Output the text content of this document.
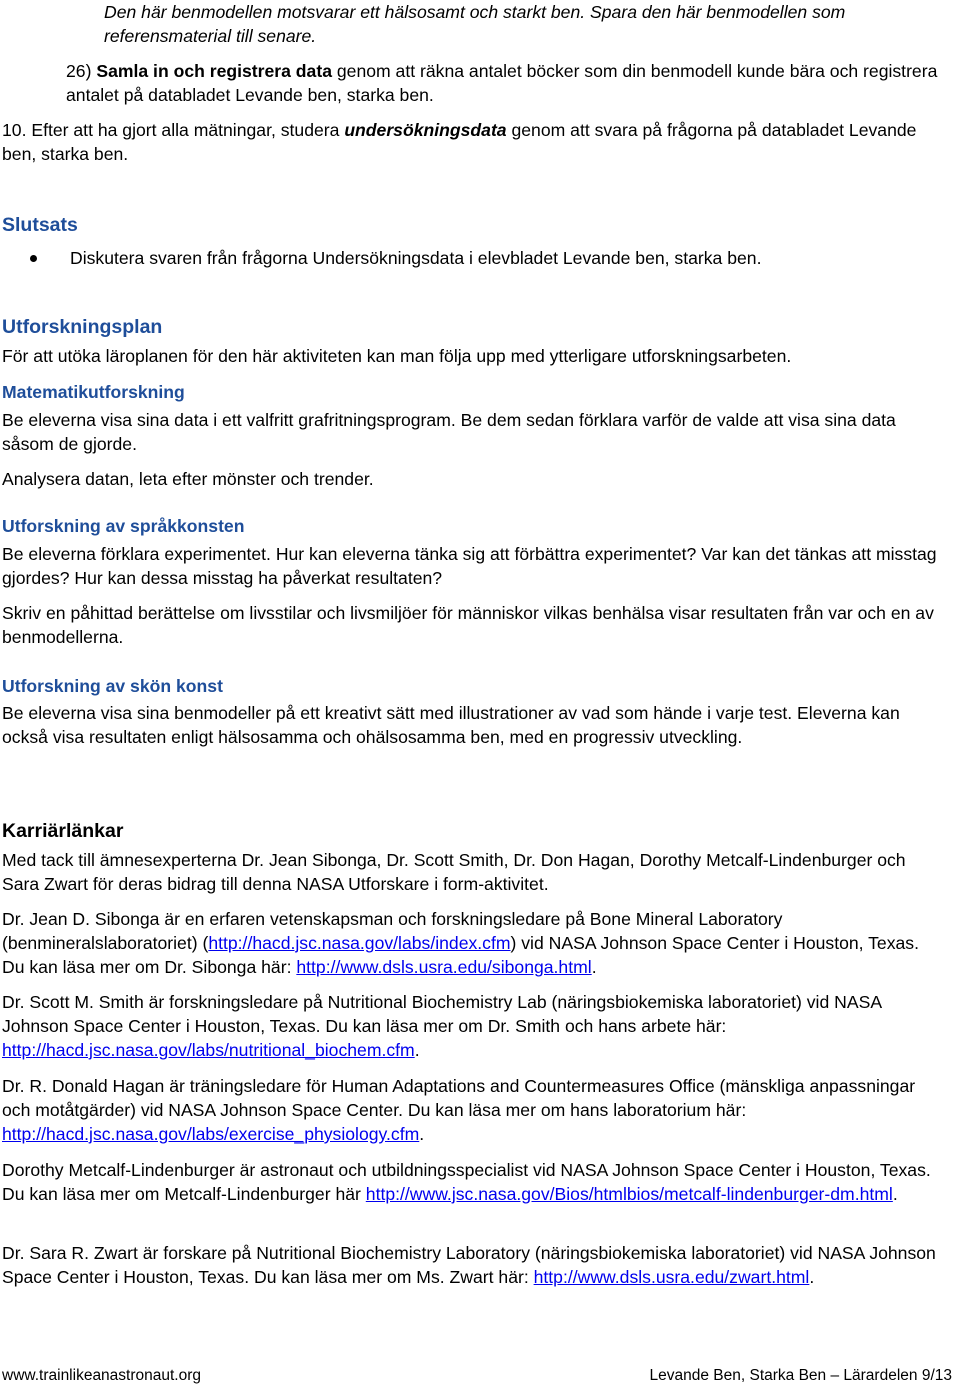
Den här benmodellen motsvarar ett hälsosamt och starkt ben. Spara den här benmodellen som referensmaterial till senare.

26) Samla in och registrera data genom att räkna antalet böcker som din benmodell kunde bära och registrera antalet på databladet Levande ben, starka ben.

10. Efter att ha gjort alla mätningar, studera undersökningsdata genom att svara på frågorna på databladet Levande ben, starka ben.

Slutsats

Diskutera svaren från frågorna Undersökningsdata i elevbladet Levande ben, starka ben.

Utforskningsplan

För att utöka läroplanen för den här aktiviteten kan man följa upp med ytterligare utforskningsarbeten.

Matematikutforskning

Be eleverna visa sina data i ett valfritt grafritningsprogram. Be dem sedan förklara varför de valde att visa sina data såsom de gjorde.

Analysera datan, leta efter mönster och trender.

Utforskning av språkkonsten

Be eleverna förklara experimentet. Hur kan eleverna tänka sig att förbättra experimentet? Var kan det tänkas att misstag gjordes? Hur kan dessa misstag ha påverkat resultaten?

Skriv en påhittad berättelse om livsstilar och livsmiljöer för människor vilkas benhälsa visar resultaten från var och en av benmodellerna.

Utforskning av skön konst

Be eleverna visa sina benmodeller på ett kreativt sätt med illustrationer av vad som hände i varje test. Eleverna kan också visa resultaten enligt hälsosamma och ohälsosamma ben, med en progressiv utveckling.

Karriärlänkar

Med tack till ämnesexperterna Dr. Jean Sibonga, Dr. Scott Smith, Dr. Don Hagan, Dorothy Metcalf-Lindenburger och Sara Zwart för deras bidrag till denna NASA Utforskare i form-aktivitet.

Dr. Jean D. Sibonga är en erfaren vetenskapsman och forskningsledare på Bone Mineral Laboratory (benmineralslaboratoriet) (http://hacd.jsc.nasa.gov/labs/index.cfm) vid NASA Johnson Space Center i Houston, Texas. Du kan läsa mer om Dr. Sibonga här: http://www.dsls.usra.edu/sibonga.html.

Dr. Scott M. Smith är forskningsledare på Nutritional Biochemistry Lab (näringsbiokemiska laboratoriet) vid NASA Johnson Space Center i Houston, Texas. Du kan läsa mer om Dr. Smith och hans arbete här: http://hacd.jsc.nasa.gov/labs/nutritional_biochem.cfm.

Dr. R. Donald Hagan är träningsledare för Human Adaptations and Countermeasures Office (mänskliga anpassningar och motåtgärder) vid NASA Johnson Space Center. Du kan läsa mer om hans laboratorium här: http://hacd.jsc.nasa.gov/labs/exercise_physiology.cfm.

Dorothy Metcalf-Lindenburger är astronaut och utbildningsspecialist vid NASA Johnson Space Center i Houston, Texas. Du kan läsa mer om Metcalf-Lindenburger här http://www.jsc.nasa.gov/Bios/htmlbios/metcalf-lindenburger-dm.html.

Dr. Sara R. Zwart är forskare på Nutritional Biochemistry Laboratory (näringsbiokemiska laboratoriet) vid NASA Johnson Space Center i Houston, Texas. Du kan läsa mer om Ms. Zwart här: http://www.dsls.usra.edu/zwart.html.

www.trainlikeanastronaut.org	Levande Ben, Starka Ben – Lärardelen 9/13
